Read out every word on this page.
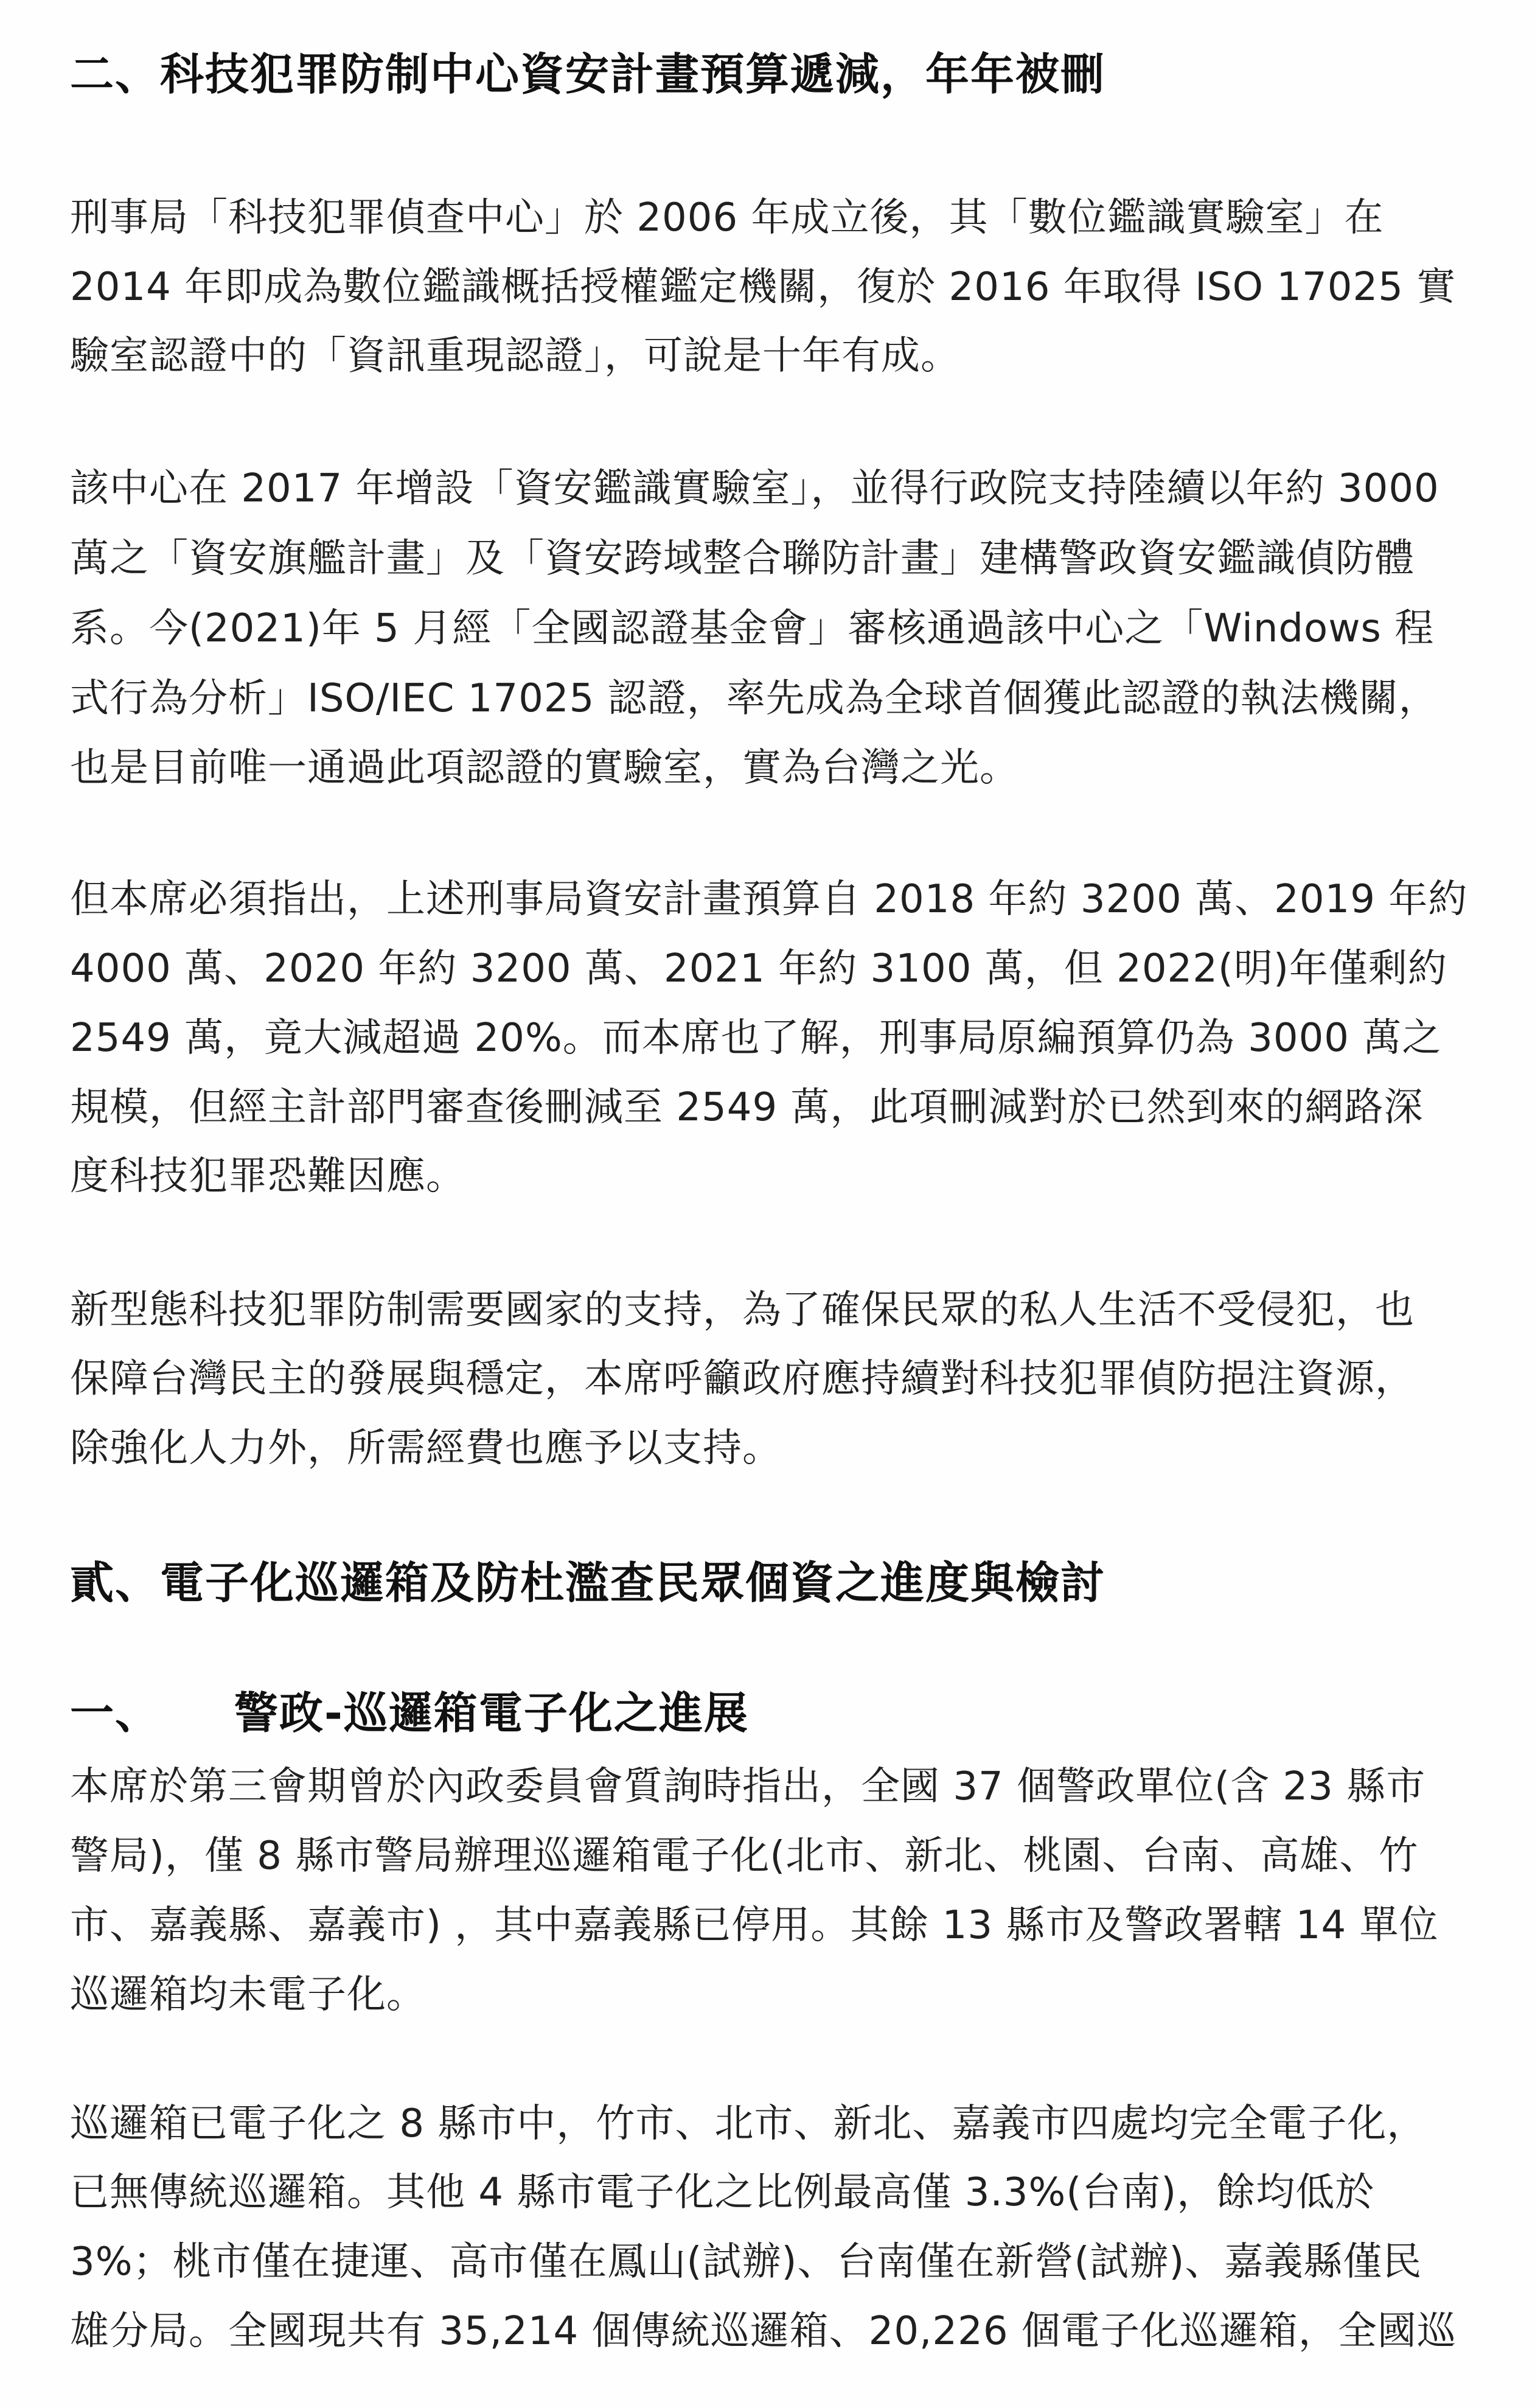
二、科技犯罪防制中心資安計畫預算遞減，年年被刪
刑事局「科技犯罪偵查中心」於 2006 年成立後，其「數位鑑識實驗室」在
2014 年即成為數位鑑識概括授權鑑定機關，復於 2016 年取得 ISO 17025 實
驗室認證中的「資訊重現認證」，可說是十年有成。
該中心在 2017 年增設「資安鑑識實驗室」，並得行政院支持陸續以年約 3000
萬之「資安旗艦計畫」及「資安跨域整合聯防計畫」建構警政資安鑑識偵防體
系。今(2021)年 5 月經「全國認證基金會」審核通過該中心之「Windows 程
式行為分析」ISO/IEC 17025 認證，率先成為全球首個獲此認證的執法機關，
也是目前唯一通過此項認證的實驗室，實為台灣之光。
但本席必須指出，上述刑事局資安計畫預算自 2018 年約 3200 萬、2019 年約
4000 萬、2020 年約 3200 萬、2021 年約 3100 萬，但 2022(明)年僅剩約
2549 萬，竟大減超過 20%。而本席也了解，刑事局原編預算仍為 3000 萬之
規模，但經主計部門審查後刪減至 2549 萬，此項刪減對於已然到來的網路深
度科技犯罪恐難因應。
新型態科技犯罪防制需要國家的支持，為了確保民眾的私人生活不受侵犯，也
保障台灣民主的發展與穩定，本席呼籲政府應持續對科技犯罪偵防挹注資源，
除強化人力外，所需經費也應予以支持。
貳、電子化巡邏箱及防杜濫查民眾個資之進度與檢討
一、 警政-巡邏箱電子化之進展
本席於第三會期曾於內政委員會質詢時指出，全國 37 個警政單位(含 23 縣市
警局)，僅 8 縣市警局辦理巡邏箱電子化(北市、新北、桃園、台南、高雄、竹
市、嘉義縣、嘉義市) ，其中嘉義縣已停用。其餘 13 縣市及警政署轄 14 單位
巡邏箱均未電子化。
巡邏箱已電子化之 8 縣市中，竹市、北市、新北、嘉義市四處均完全電子化，
已無傳統巡邏箱。其他 4 縣市電子化之比例最高僅 3.3%(台南)，餘均低於
3%；桃市僅在捷運、高市僅在鳳山(試辦)、台南僅在新營(試辦)、嘉義縣僅民
雄分局。全國現共有 35,214 個傳統巡邏箱、20,226 個電子化巡邏箱，全國巡
